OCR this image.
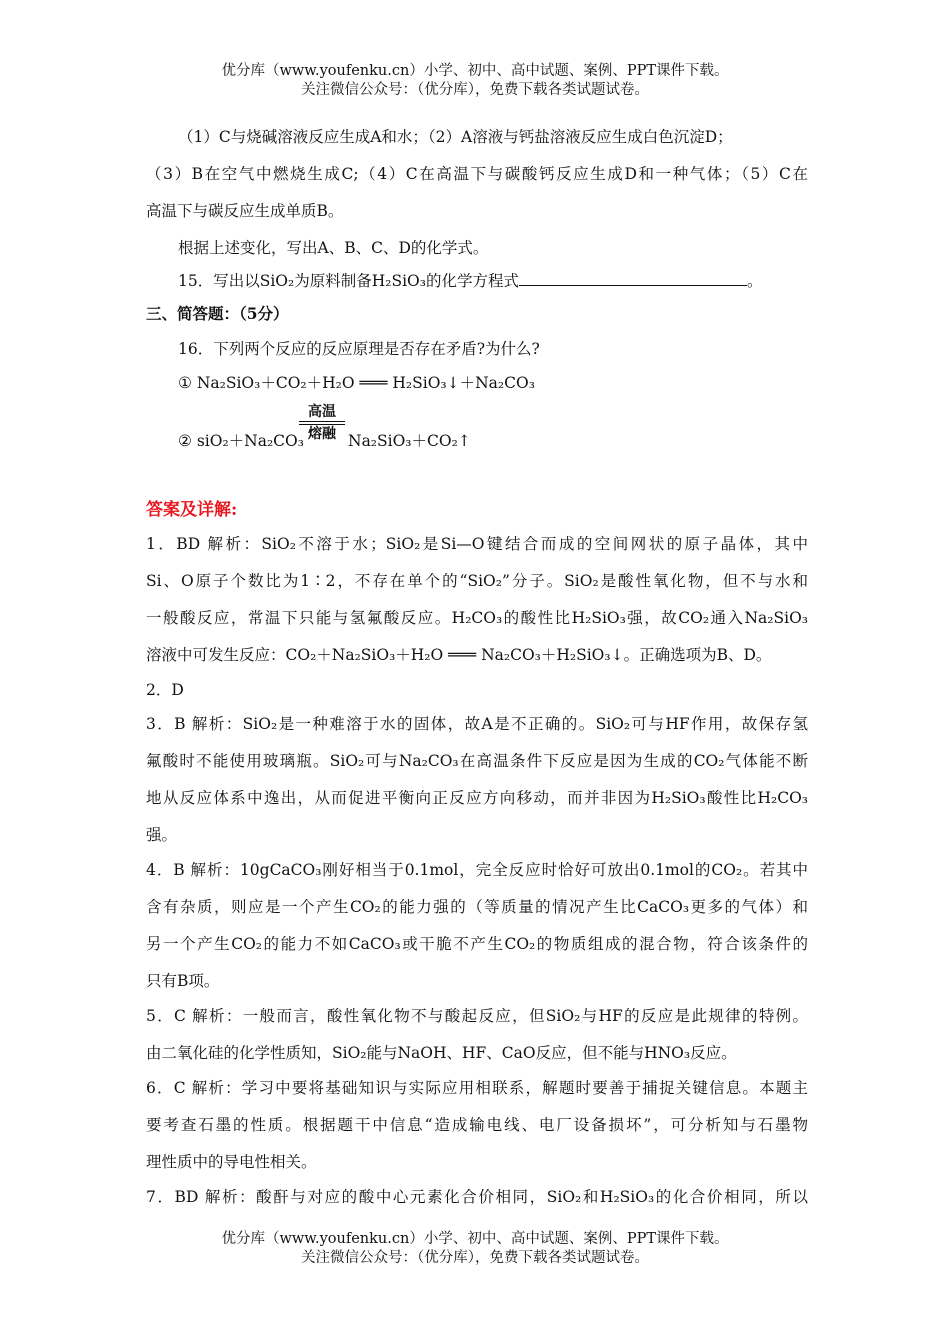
优分库（www.youfenku.cn）小学、初中、高中试题、案例、PPT课件下载。
关注微信公众号：（优分库），免费下载各类试题试卷。
（1）C与烧碱溶液反应生成A和水；（2）A溶液与钙盐溶液反应生成白色沉淀D；
（3）B在空气中燃烧生成C;（4）C在高温下与碳酸钙反应生成D和一种气体；（5）C在
高温下与碳反应生成单质B。
根据上述变化，写出A、B、C、D的化学式。
15．写出以SiO₂为原料制备H₂SiO₃的化学方程式	。
三、简答题：（5分）
16．下列两个反应的反应原理是否存在矛盾?为什么?
① Na₂SiO₃＋CO₂＋H₂O ═══ H₂SiO₃↓＋Na₂CO₃
高温
熔融
② siO₂＋Na₂CO₃	Na₂SiO₃＋CO₂↑
答案及详解:
1．BD 解析：SiO₂不溶于水；SiO₂是Si—O键结合而成的空间网状的原子晶体，其中
Si、O原子个数比为1∶2，不存在单个的“SiO₂”分子。SiO₂是酸性氧化物，但不与水和
一般酸反应，常温下只能与氢氟酸反应。H₂CO₃的酸性比H₂SiO₃强，故CO₂通入Na₂SiO₃
溶液中可发生反应：CO₂＋Na₂SiO₃＋H₂O ═══ Na₂CO₃＋H₂SiO₃↓。正确选项为B、D。
2．D
3．B 解析：SiO₂是一种难溶于水的固体，故A是不正确的。SiO₂可与HF作用，故保存氢
氟酸时不能使用玻璃瓶。SiO₂可与Na₂CO₃在高温条件下反应是因为生成的CO₂气体能不断
地从反应体系中逸出，从而促进平衡向正反应方向移动，而并非因为H₂SiO₃酸性比H₂CO₃
强。
4．B 解析：10gCaCO₃刚好相当于0.1mol，完全反应时恰好可放出0.1mol的CO₂。若其中
含有杂质，则应是一个产生CO₂的能力强的（等质量的情况产生比CaCO₃更多的气体）和
另一个产生CO₂的能力不如CaCO₃或干脆不产生CO₂的物质组成的混合物，符合该条件的
只有B项。
5．C 解析：一般而言，酸性氧化物不与酸起反应，但SiO₂与HF的反应是此规律的特例。
由二氧化硅的化学性质知，SiO₂能与NaOH、HF、CaO反应，但不能与HNO₃反应。
6．C 解析：学习中要将基础知识与实际应用相联系，解题时要善于捕捉关键信息。本题主
要考查石墨的性质。根据题干中信息“造成输电线、电厂设备损坏”，可分析知与石墨物
理性质中的导电性相关。
7．BD 解析：酸酐与对应的酸中心元素化合价相同，SiO₂和H₂SiO₃的化合价相同，所以
优分库（www.youfenku.cn）小学、初中、高中试题、案例、PPT课件下载。
关注微信公众号：（优分库），免费下载各类试题试卷。
